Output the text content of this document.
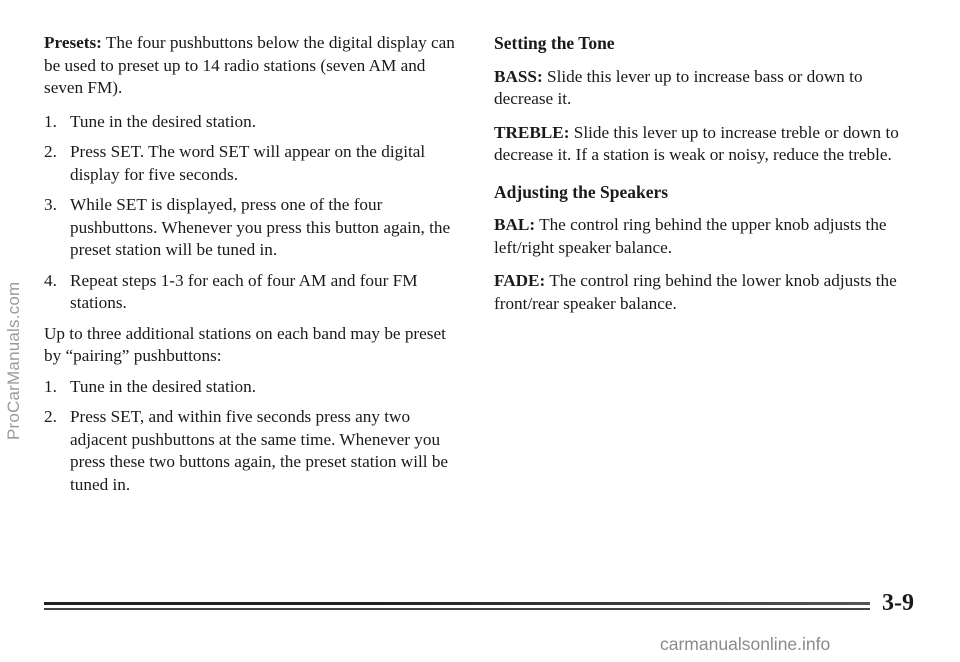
Presets: The four pushbuttons below the digital display can be used to preset up to 14 radio stations (seven AM and seven FM).

1. Tune in the desired station.
2. Press SET. The word SET will appear on the digital display for five seconds.
3. While SET is displayed, press one of the four pushbuttons. Whenever you press this button again, the preset station will be tuned in.
4. Repeat steps 1-3 for each of four AM and four FM stations.

Up to three additional stations on each band may be preset by “pairing” pushbuttons:

1. Tune in the desired station.
2. Press SET, and within five seconds press any two adjacent pushbuttons at the same time. Whenever you press these two buttons again, the preset station will be tuned in.

Setting the Tone

BASS: Slide this lever up to increase bass or down to decrease it.

TREBLE: Slide this lever up to increase treble or down to decrease it. If a station is weak or noisy, reduce the treble.

Adjusting the Speakers

BAL: The control ring behind the upper knob adjusts the left/right speaker balance.

FADE: The control ring behind the lower knob adjusts the front/rear speaker balance.

ProCarManuals.com
3-9
carmanualsonline.info
